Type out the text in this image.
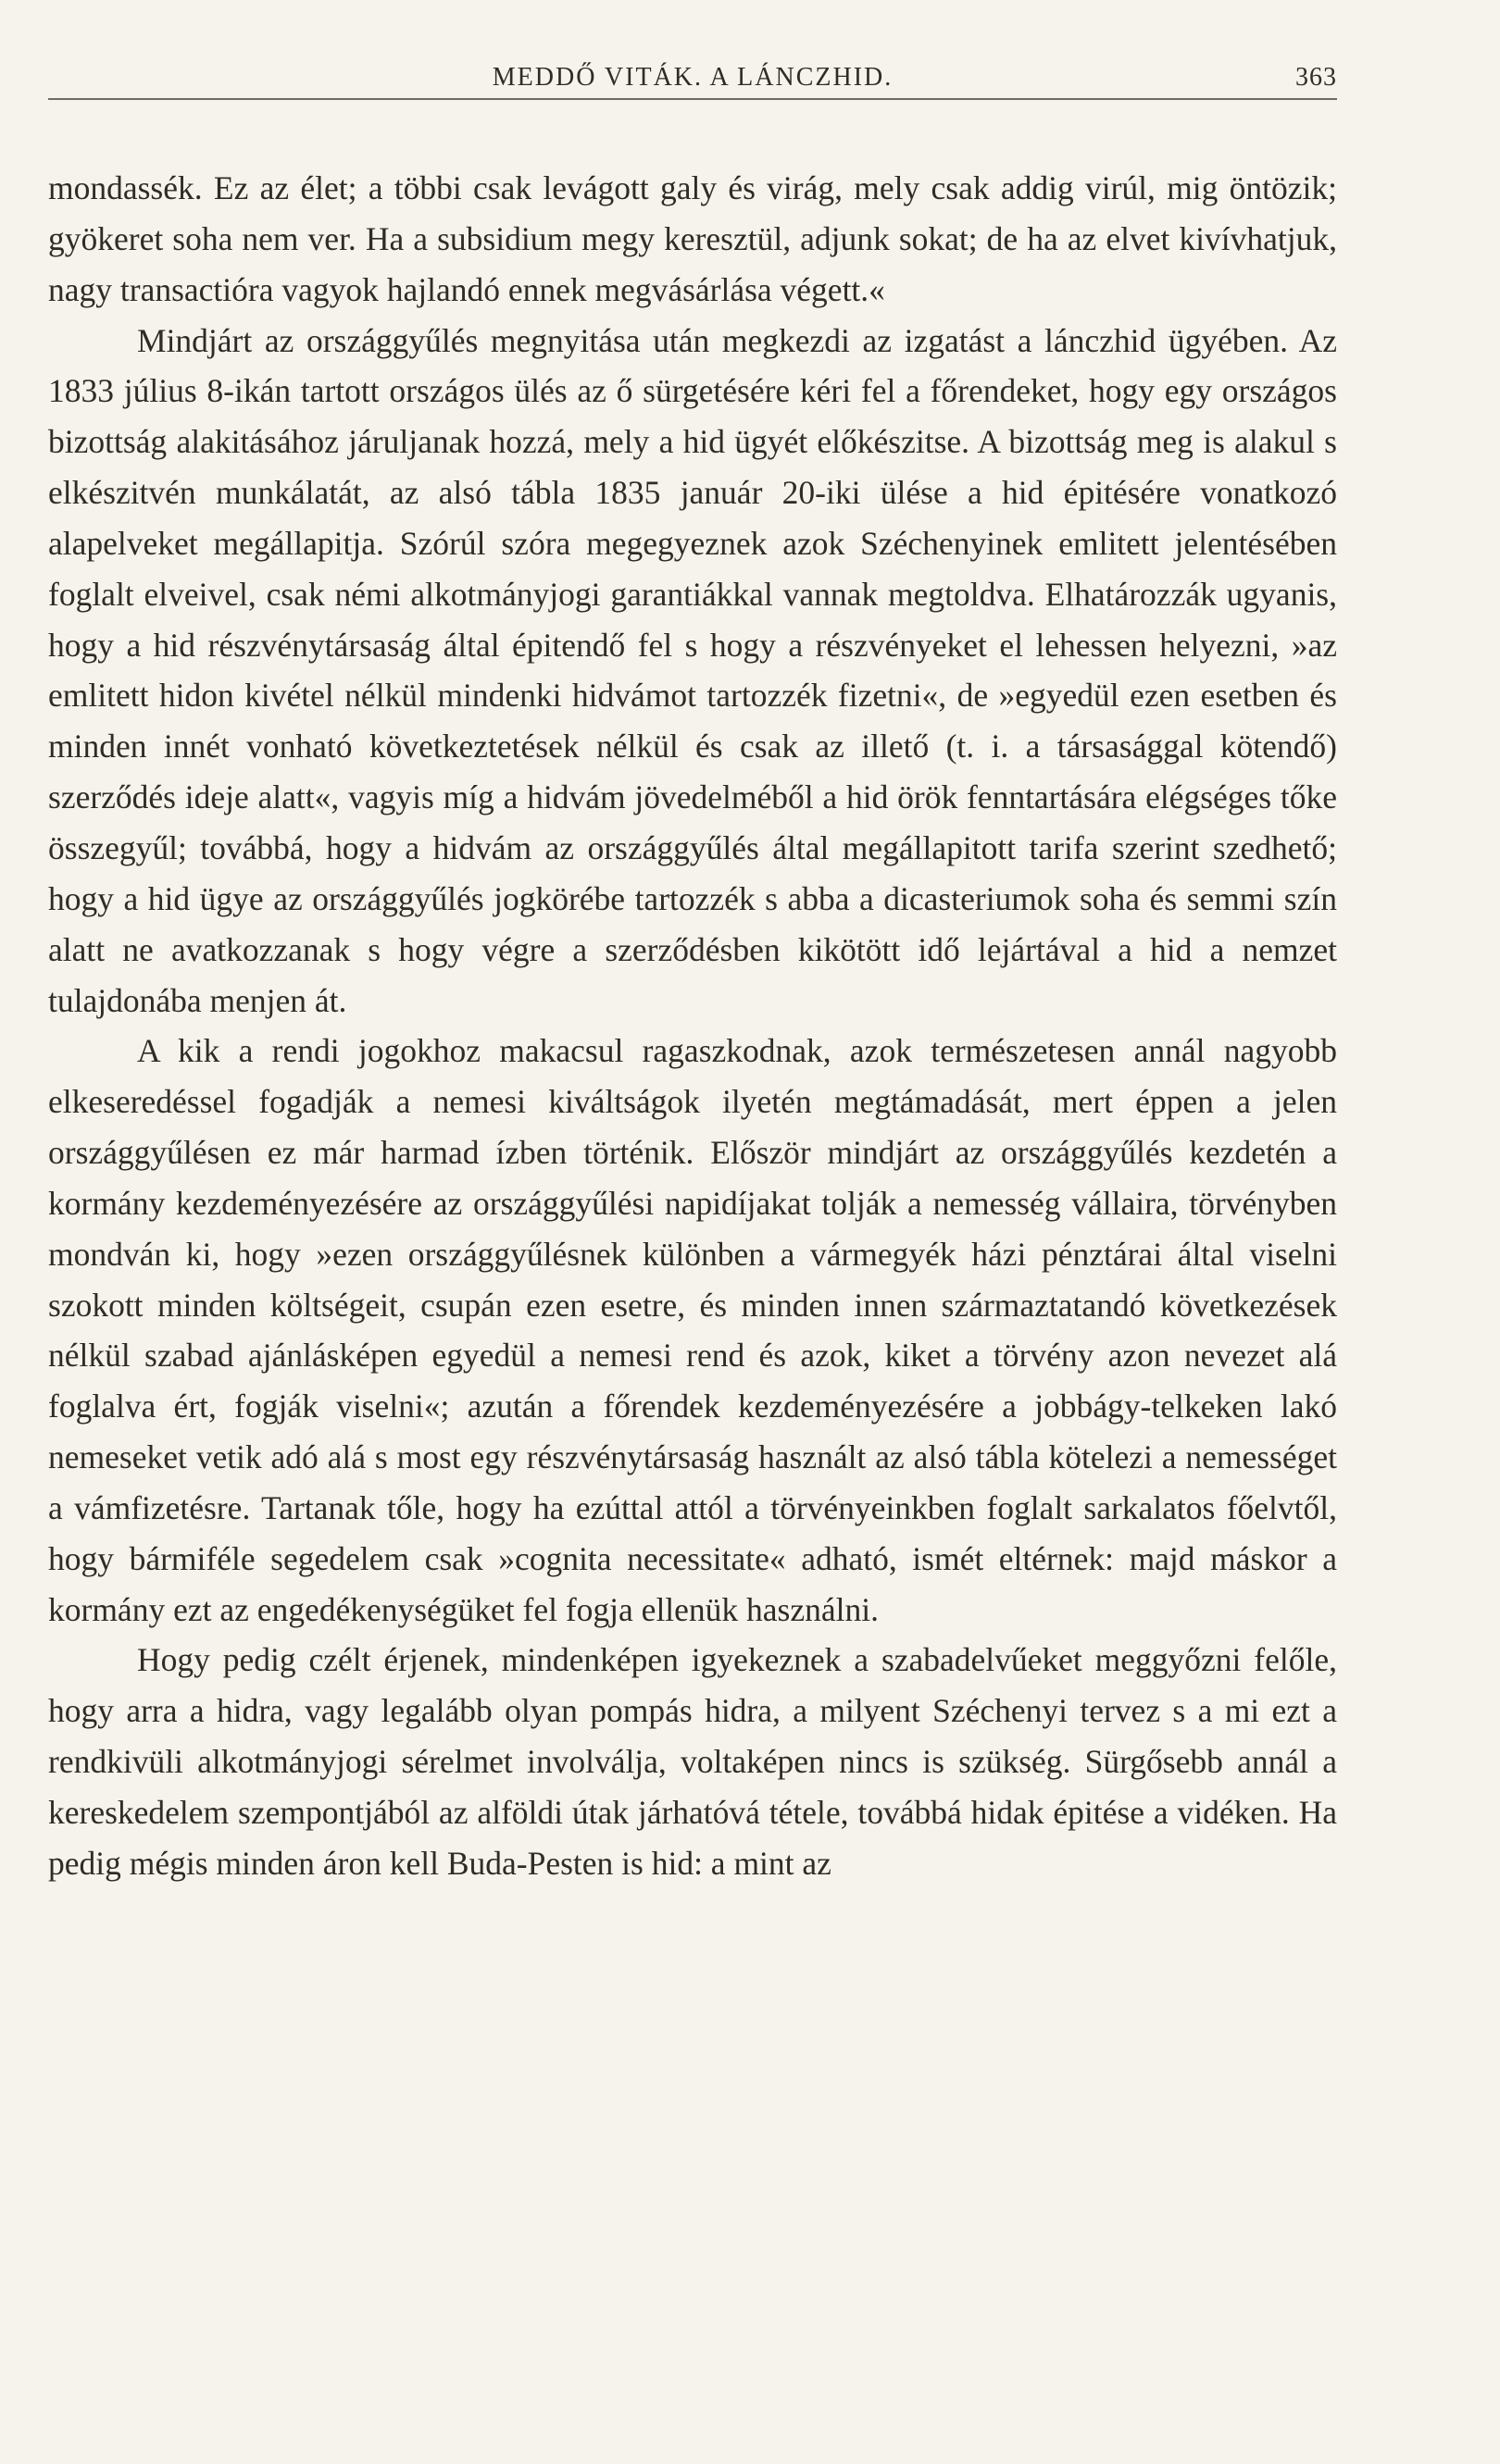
MEDDŐ VITÁK. A LÁNCZHID.	363

mondassék. Ez az élet; a többi csak levágott galy és virág, mely csak addig virúl, mig öntözik; gyökeret soha nem ver. Ha a subsidium megy keresztül, adjunk sokat; de ha az elvet kivívhatjuk, nagy transactióra vagyok hajlandó ennek megvásárlása végett.«

Mindjárt az országgyűlés megnyitása után megkezdi az izgatást a lánczhid ügyében. Az 1833 július 8-ikán tartott országos ülés az ő sürgetésére kéri fel a főrendeket, hogy egy országos bizottság alakitásához járuljanak hozzá, mely a hid ügyét előkészitse. A bizottság meg is alakul s elkészitvén munkálatát, az alsó tábla 1835 január 20-iki ülése a hid épitésére vonatkozó alapelveket megállapitja. Szórúl szóra megegyeznek azok Széchenyinek emlitett jelentésében foglalt elveivel, csak némi alkotmányjogi garantiákkal vannak megtoldva. Elhatározzák ugyanis, hogy a hid részvénytársaság által épitendő fel s hogy a részvényeket el lehessen helyezni, »az emlitett hidon kivétel nélkül mindenki hidvámot tartozzék fizetni«, de »egyedül ezen esetben és minden innét vonható következtetések nélkül és csak az illető (t. i. a társasággal kötendő) szerződés ideje alatt«, vagyis míg a hidvám jövedelméből a hid örök fenntartására elégséges tőke összegyűl; továbbá, hogy a hidvám az országgyűlés által megállapitott tarifa szerint szedhető; hogy a hid ügye az országgyűlés jogkörébe tartozzék s abba a dicasteriumok soha és semmi szín alatt ne avatkozzanak s hogy végre a szerződésben kikötött idő lejártával a hid a nemzet tulajdonába menjen át.

A kik a rendi jogokhoz makacsul ragaszkodnak, azok természetesen annál nagyobb elkeseredéssel fogadják a nemesi kiváltságok ilyetén megtámadását, mert éppen a jelen országgyűlésen ez már harmad ízben történik. Először mindjárt az országgyűlés kezdetén a kormány kezdeményezésére az országgyűlési napidíjakat tolják a nemesség vállaira, törvényben mondván ki, hogy »ezen országgyűlésnek különben a vármegyék házi pénztárai által viselni szokott minden költségeit, csupán ezen esetre, és minden innen származtatandó következések nélkül szabad ajánlásképen egyedül a nemesi rend és azok, kiket a törvény azon nevezet alá foglalva ért, fogják viselni«; azután a főrendek kezdeményezésére a jobbágy-telkeken lakó nemeseket vetik adó alá s most egy részvénytársaság használt az alsó tábla kötelezi a nemességet a vámfizetésre. Tartanak tőle, hogy ha ezúttal attól a törvényeinkben foglalt sarkalatos főelvtől, hogy bármiféle segedelem csak »cognita necessitate« adható, ismét eltérnek: majd máskor a kormány ezt az engedékenységüket fel fogja ellenük használni.

Hogy pedig czélt érjenek, mindenképen igyekeznek a szabadelvűeket meggyőzni felőle, hogy arra a hidra, vagy legalább olyan pompás hidra, a milyent Széchenyi tervez s a mi ezt a rendkivüli alkotmányjogi sérelmet involválja, voltaképen nincs is szükség. Sürgősebb annál a kereskedelem szempontjából az alföldi útak járhatóvá tétele, továbbá hidak épitése a vidéken. Ha pedig mégis minden áron kell Buda-Pesten is hid: a mint az
